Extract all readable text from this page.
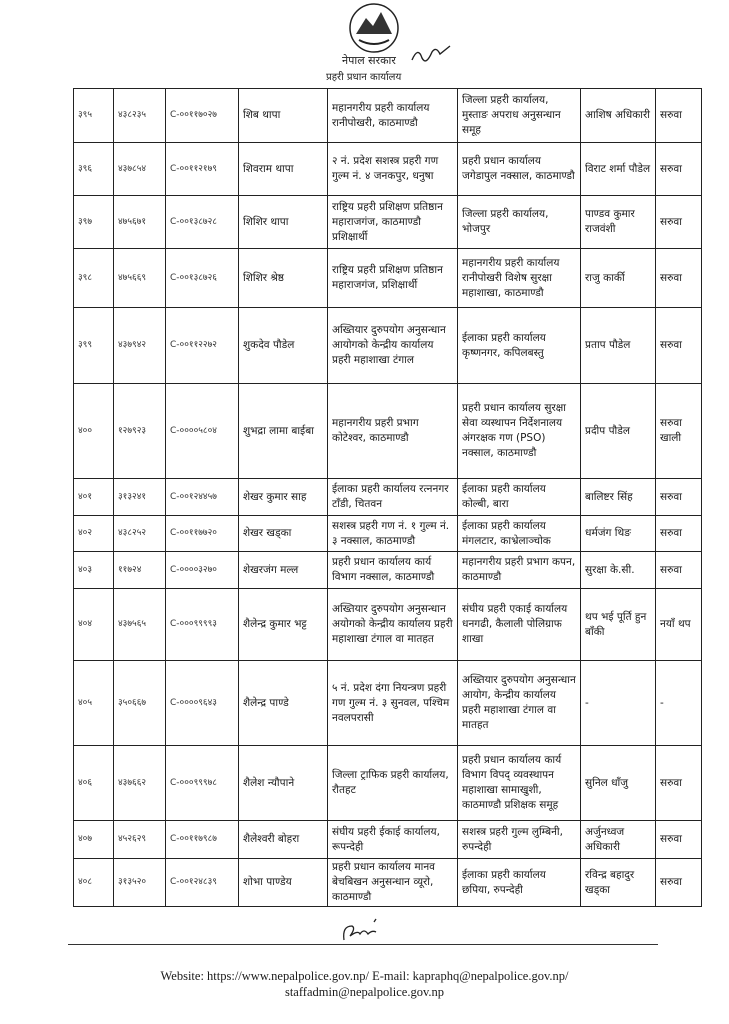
नेपाल सरकार
प्रहरी प्रधान कार्यालय
३९५	४३८२३५	C-००११७०२७	शिब थापा	महानगरीय प्रहरी कार्यालय रानीपोखरी, काठमाण्डौ	जिल्ला प्रहरी कार्यालय, मुस्ताङ अपराध अनुसन्धान समूह	आशिष अधिकारी	सरुवा
३९६	४३७८५४	C-००११२१७९	शिवराम थापा	२ नं. प्रदेश सशस्त्र प्रहरी गण गुल्म नं. ४ जनकपुर, धनुषा	प्रहरी प्रधान कार्यालय जगेडापुल नक्साल, काठमाण्डौ	विराट शर्मा पौडेल	सरुवा
३९७	४७५६७१	C-००१३८७२८	शिशिर थापा	राष्ट्रिय प्रहरी प्रशिक्षण प्रतिष्ठान महाराजगंज, काठमाण्डौ प्रशिक्षार्थी	जिल्ला प्रहरी कार्यालय, भोजपुर	पाण्डव कुमार राजवंशी	सरुवा
३९८	४७५६६९	C-००१३८७२६	शिशिर श्रेष्ठ	राष्ट्रिय प्रहरी प्रशिक्षण प्रतिष्ठान महाराजगंज, प्रशिक्षार्थी	महानगरीय प्रहरी कार्यालय रानीपोखरी विशेष सुरक्षा महाशाखा, काठमाण्डौ	राजु कार्की	सरुवा
३९९	४३७९४२	C-००११२२७२	शुकदेव पौडेल	अख्तियार दुरुपयोग अनुसन्धान आयोगको केन्द्रीय कार्यालय प्रहरी महाशाखा टंगाल	ईलाका प्रहरी कार्यालय कृष्णनगर, कपिलबस्तु	प्रताप पौडेल	सरुवा
४००	१२७९२३	C-००००५८०४	शुभद्रा लामा बाईबा	महानगरीय प्रहरी प्रभाग कोटेश्वर, काठमाण्डौ	प्रहरी प्रधान कार्यालय सुरक्षा सेवा व्यस्थापन निर्देशनालय अंगरक्षक गण (PSO) नक्साल, काठमाण्डौ	प्रदीप पौडेल	सरुवा खाली
४०१	३१३२४१	C-००१२४४५७	शेखर कुमार साह	ईलाका प्रहरी कार्यालय रत्ननगर टाँडी, चितवन	ईलाका प्रहरी कार्यालय कोल्बी, बारा	बालिष्टर सिंह	सरुवा
४०२	४३८२५२	C-००११७७२०	शेखर खड्का	सशस्त्र प्रहरी गण नं. १ गुल्म नं. ३ नक्साल, काठमाण्डौ	ईलाका प्रहरी कार्यालय मंगलटार, काभ्रेलाञ्चोक	धर्मजंग थिङ	सरुवा
४०३	११७२४	C-००००३२७०	शेखरजंग मल्ल	प्रहरी प्रधान कार्यालय कार्य विभाग नक्साल, काठमाण्डौ	महानगरीय प्रहरी प्रभाग कपन, काठमाण्डौ	सुरक्षा के.सी.	सरुवा
४०४	४३७५६५	C-०००९९९९३	शैलेन्द्र कुमार भट्ट	अख्तियार दुरुपयोग अनुसन्धान अयोगको केन्द्रीय कार्यालय प्रहरी महाशाखा टंगाल वा मातहत	संघीय प्रहरी एकाई कार्यालय धनगढी, कैलाली पोलिग्राफ शाखा	थप भई पूर्ति हुन बाँकी	नयाँ थप
४०५	३५०६६७	C-००००९६४३	शैलेन्द्र पाण्डे	५ नं. प्रदेश दंगा नियन्त्रण प्रहरी गण गुल्म नं. ३ सुनवल, पश्चिम नवलपरासी	अख्तियार दुरुपयोग अनुसन्धान आयोग, केन्द्रीय कार्यालय प्रहरी महाशाखा टंगाल वा मातहत	-	-
४०६	४३७६६२	C-०००९९९७८	शैलेश न्यौपाने	जिल्ला ट्राफिक प्रहरी कार्यालय, रौतहट	प्रहरी प्रधान कार्यालय कार्य विभाग विपद् व्यवस्थापन महाशाखा सामाखुशी, काठमाण्डौ प्रशिक्षक समूह	सुनिल धाँजु	सरुवा
४०७	४५२६२९	C-००११७९८७	शैलेश्वरी बोहरा	संघीय प्रहरी ईकाई कार्यालय, रूपन्देही	सशस्त्र प्रहरी गुल्म लुम्बिनी, रुपन्देही	अर्जुनध्वज अधिकारी	सरुवा
४०८	३१३५२०	C-००१२४८३९	शोभा पाण्डेय	प्रहरी प्रधान कार्यालय मानव बेचबिखन अनुसन्धान व्यूरो, काठमाण्डौ	ईलाका प्रहरी कार्यालय छपिया, रुपन्देही	रविन्द्र बहादुर खड्का	सरुवा
Website: https://www.nepalpolice.gov.np/ E-mail: kapraphq@nepalpolice.gov.np/
staffadmin@nepalpolice.gov.np
